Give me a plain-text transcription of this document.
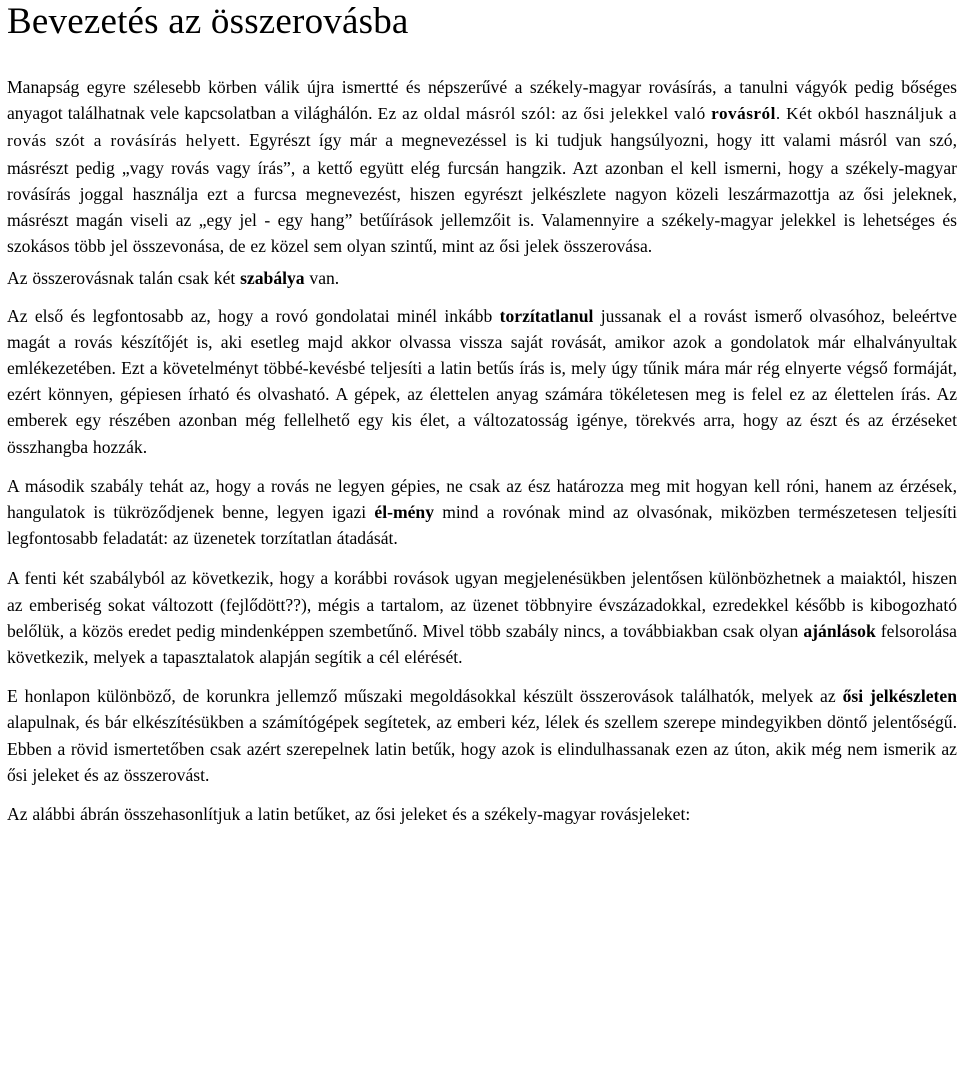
Bevezetés az összerovásba

Manapság egyre szélesebb körben válik újra ismertté és népszerűvé a székely-magyar rovásírás, a tanulni vágyók pedig bőséges anyagot találhatnak vele kapcsolatban a világhálón. Ez az oldal másról szól: az ősi jelekkel való rovásról. Két okból használjuk a rovás szót a rovásírás helyett. Egyrészt így már a megnevezéssel is ki tudjuk hangsúlyozni, hogy itt valami másról van szó, másrészt pedig „vagy rovás vagy írás”, a kettő együtt elég furcsán hangzik. Azt azonban el kell ismerni, hogy a székely-magyar rovásírás joggal használja ezt a furcsa megnevezést, hiszen egyrészt jelkészlete nagyon közeli leszármazottja az ősi jeleknek, másrészt magán viseli az „egy jel - egy hang” betűírások jellemzőit is. Valamennyire a székely-magyar jelekkel is lehetséges és szokásos több jel összevonása, de ez közel sem olyan szintű, mint az ősi jelek összerovása.

Az összerovásnak talán csak két szabálya van.

Az első és legfontosabb az, hogy a rovó gondolatai minél inkább torzítatlanul jussanak el a rovást ismerő olvasóhoz, beleértve magát a rovás készítőjét is, aki esetleg majd akkor olvassa vissza saját rovását, amikor azok a gondolatok már elhalványultak emlékezetében. Ezt a követelményt többé-kevésbé teljesíti a latin betűs írás is, mely úgy tűnik mára már rég elnyerte végső formáját, ezért könnyen, gépiesen írható és olvasható. A gépek, az élettelen anyag számára tökéletesen meg is felel ez az élettelen írás. Az emberek egy részében azonban még fellelhető egy kis élet, a változatosság igénye, törekvés arra, hogy az észt és az érzéseket összhangba hozzák.

A második szabály tehát az, hogy a rovás ne legyen gépies, ne csak az ész határozza meg mit hogyan kell róni, hanem az érzések, hangulatok is tükröződjenek benne, legyen igazi él-mény mind a rovónak mind az olvasónak, miközben természetesen teljesíti legfontosabb feladatát: az üzenetek torzítatlan átadását.

A fenti két szabályból az következik, hogy a korábbi rovások ugyan megjelenésükben jelentősen különbözhetnek a maiaktól, hiszen az emberiség sokat változott (fejlődött??), mégis a tartalom, az üzenet többnyire évszázadokkal, ezredekkel később is kibogozható belőlük, a közös eredet pedig mindenképpen szembetűnő. Mivel több szabály nincs, a továbbiakban csak olyan ajánlások felsorolása következik, melyek a tapasztalatok alapján segítik a cél elérését.

E honlapon különböző, de korunkra jellemző műszaki megoldásokkal készült összerovások találhatók, melyek az ősi jelkészleten alapulnak, és bár elkészítésükben a számítógépek segítetek, az emberi kéz, lélek és szellem szerepe mindegyikben döntő jelentőségű. Ebben a rövid ismertetőben csak azért szerepelnek latin betűk, hogy azok is elindulhassanak ezen az úton, akik még nem ismerik az ősi jeleket és az összerovást.

Az alábbi ábrán összehasonlítjuk a latin betűket, az ősi jeleket és a székely-magyar rovásjeleket:
